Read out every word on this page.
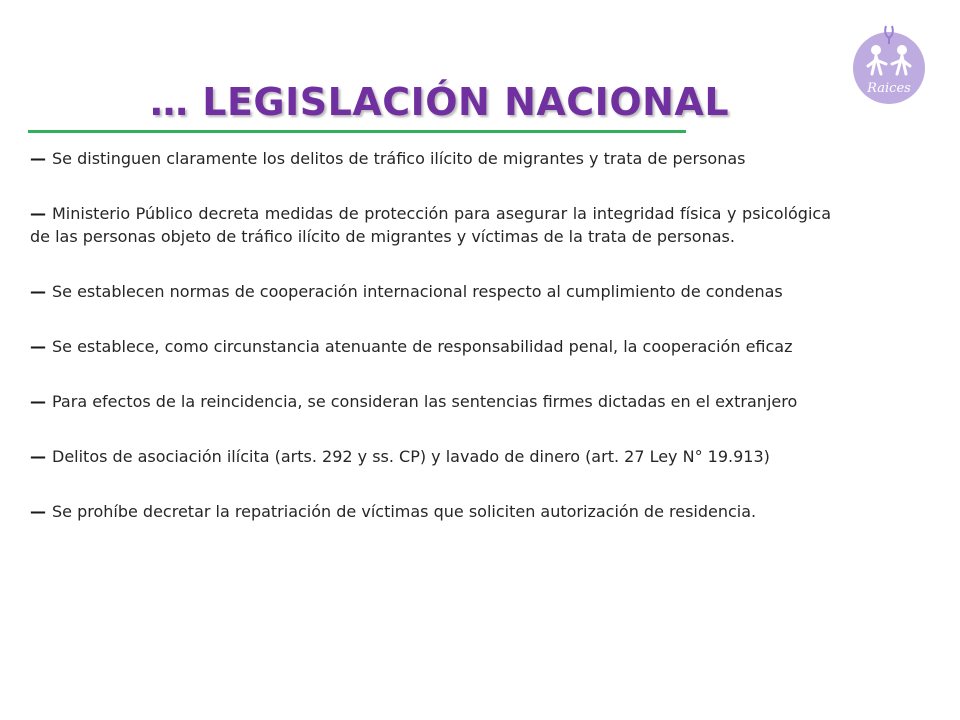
… LEGISLACIÓN NACIONAL	Raices

— Se distinguen claramente los delitos de tráfico ilícito de migrantes y trata de personas

— Ministerio Público decreta medidas de protección para asegurar la integridad física y psicológica de las personas objeto de tráfico ilícito de migrantes y víctimas de la trata de personas.

— Se establecen normas de cooperación internacional respecto al cumplimiento de condenas

— Se establece, como circunstancia atenuante de responsabilidad penal, la cooperación eficaz

— Para efectos de la reincidencia, se consideran las sentencias firmes dictadas en el extranjero

— Delitos de asociación ilícita (arts. 292 y ss. CP) y lavado de dinero (art. 27 Ley N° 19.913)

— Se prohíbe decretar la repatriación de víctimas que soliciten autorización de residencia.
